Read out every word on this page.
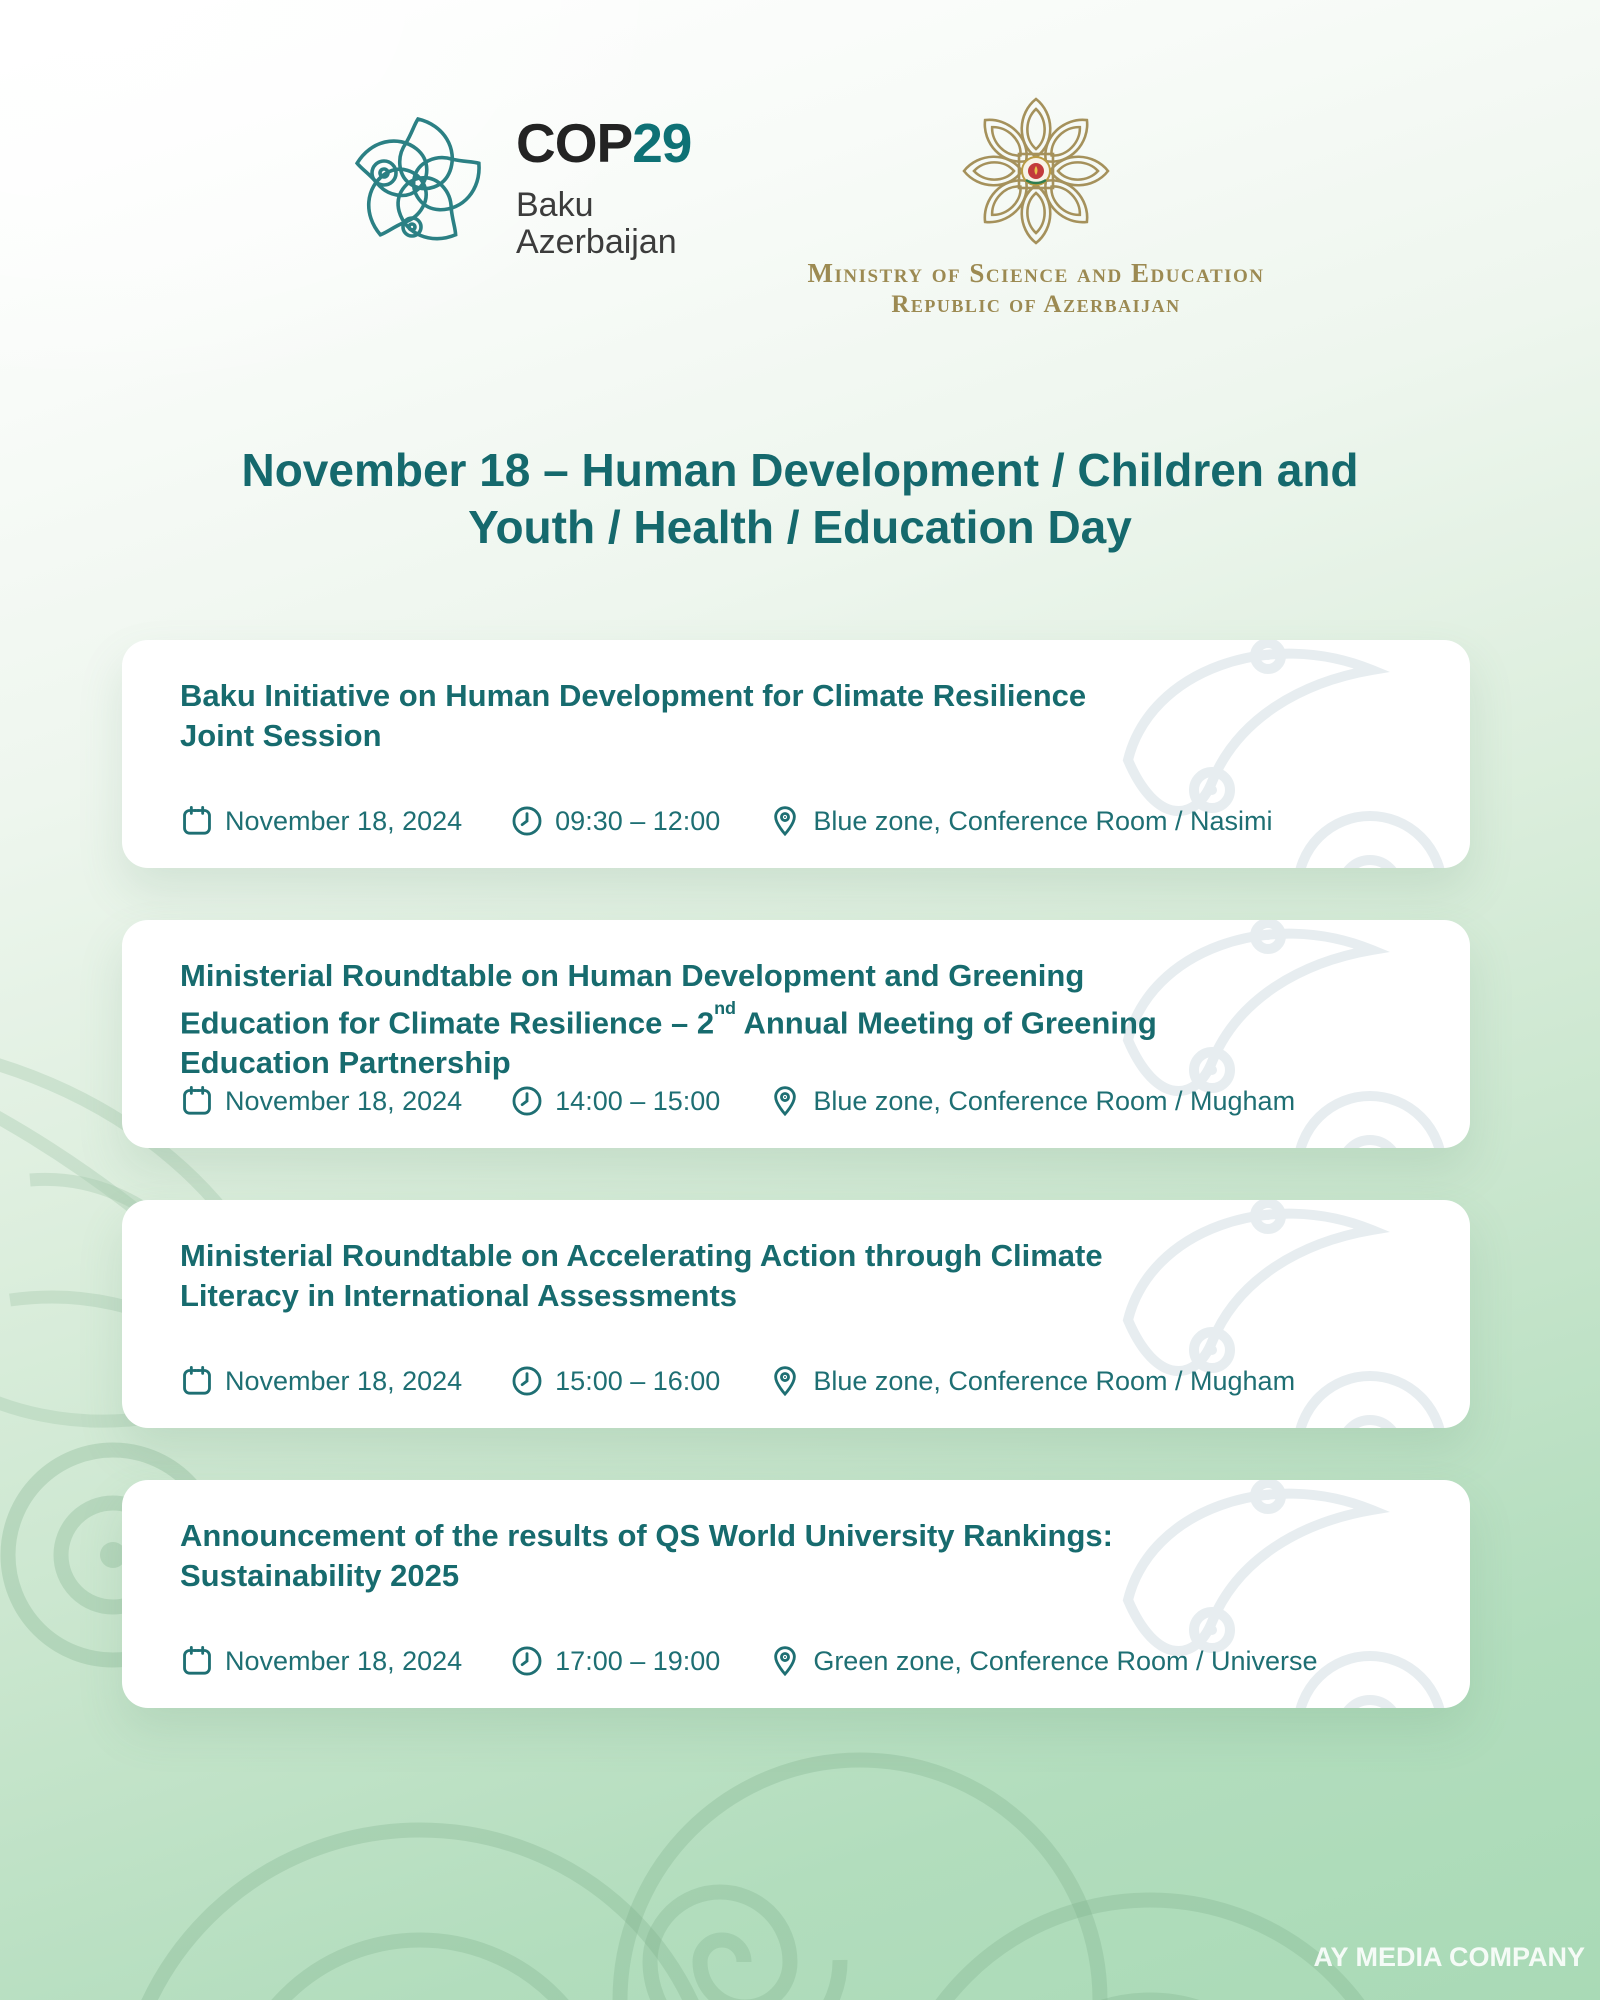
COP29
Baku
Azerbaijan
Ministry of Science and Education
Republic of Azerbaijan
November 18 – Human Development / Children and
Youth / Health / Education Day
Baku Initiative on Human Development for Climate Resilience
Joint Session
November 18, 2024	09:30 – 12:00	Blue zone, Conference Room / Nasimi
Ministerial Roundtable on Human Development and Greening
Education for Climate Resilience – 2nd Annual Meeting of Greening
Education Partnership
November 18, 2024	14:00 – 15:00	Blue zone, Conference Room / Mugham
Ministerial Roundtable on Accelerating Action through Climate
Literacy in International Assessments
November 18, 2024	15:00 – 16:00	Blue zone, Conference Room / Mugham
Announcement of the results of QS World University Rankings:
Sustainability 2025
November 18, 2024	17:00 – 19:00	Green zone, Conference Room / Universe
AY MEDIA COMPANY
